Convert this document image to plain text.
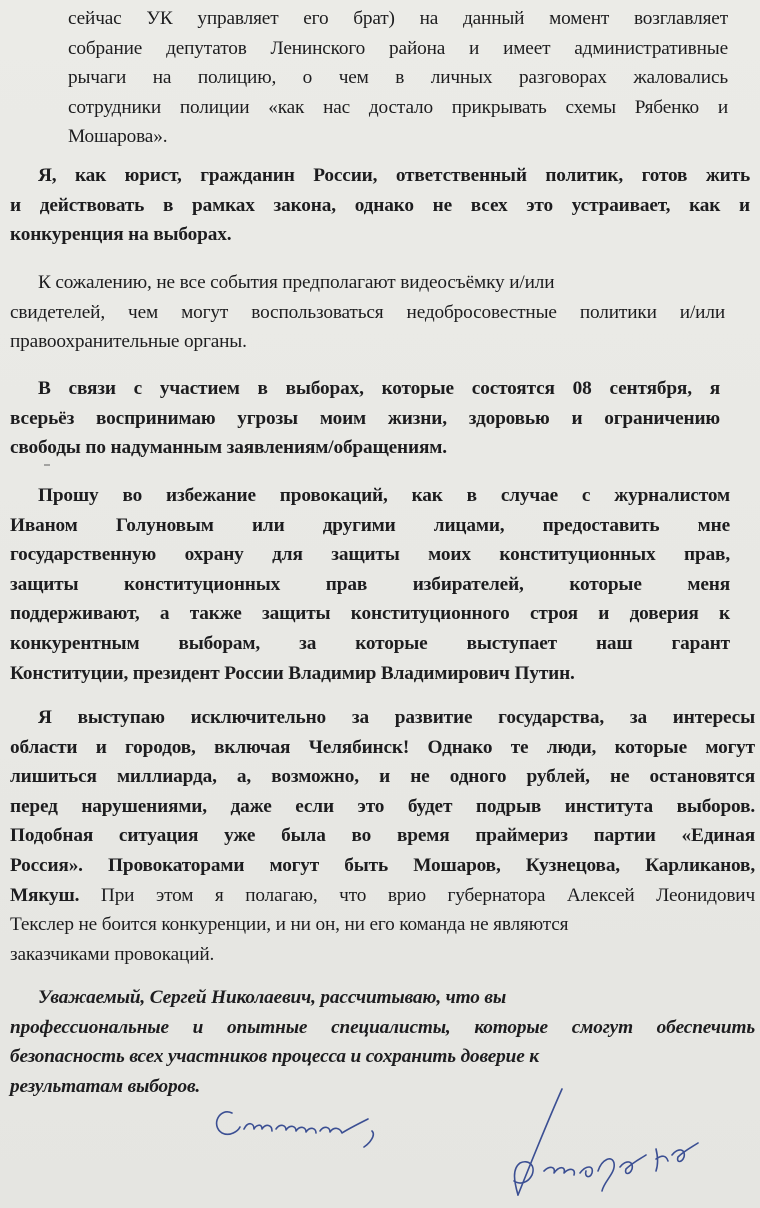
сейчас УК управляет его брат) на данный момент возглавляет
собрание депутатов Ленинского района и имеет административные
рычаги на полицию, о чем в личных разговорах жаловались
сотрудники полиции «как нас достало прикрывать схемы Рябенко и
Мошарова».

Я, как юрист, гражданин России, ответственный политик, готов жить
и действовать в рамках закона, однако не всех это устраивает, как и
конкуренция на выборах.

К сожалению, не все события предполагают видеосъёмку и/или
свидетелей, чем могут воспользоваться недобросовестные политики и/или
правоохранительные органы.

В связи с участием в выборах, которые состоятся 08 сентября, я
всерьёз воспринимаю угрозы моим жизни, здоровью и ограничению
свободы по надуманным заявлениям/обращениям.

Прошу во избежание провокаций, как в случае с журналистом
Иваном Голуновым или другими лицами, предоставить мне
государственную охрану для защиты моих конституционных прав,
защиты конституционных прав избирателей, которые меня
поддерживают, а также защиты конституционного строя и доверия к
конкурентным выборам, за которые выступает наш гарант
Конституции, президент России Владимир Владимирович Путин.

Я выступаю исключительно за развитие государства, за интересы
области и городов, включая Челябинск! Однако те люди, которые могут
лишиться миллиарда, а, возможно, и не одного рублей, не остановятся
перед нарушениями, даже если это будет подрыв института выборов.
Подобная ситуация уже была во время праймериз партии «Единая
Россия». Провокаторами могут быть Мошаров, Кузнецова, Карликанов,
Мякуш. При этом я полагаю, что врио губернатора Алексей Леонидович
Текслер не боится конкуренции, и ни он, ни его команда не являются
заказчиками провокаций.

Уважаемый, Сергей Николаевич, рассчитываю, что вы
профессиональные и опытные специалисты, которые смогут обеспечить
безопасность всех участников процесса и сохранить доверие к
результатам выборов.
